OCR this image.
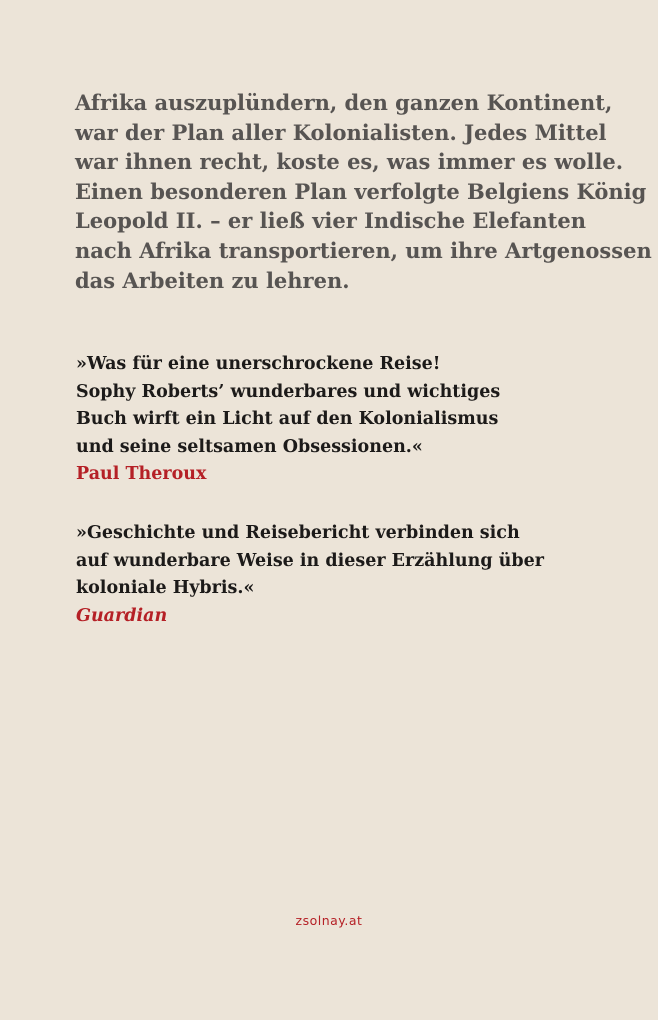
Afrika auszuplündern, den ganzen Kontinent,
war der Plan aller Kolonialisten. Jedes Mittel
war ihnen recht, koste es, was immer es wolle.
Einen besonderen Plan verfolgte Belgiens König
Leopold II. – er ließ vier Indische Elefanten
nach Afrika transportieren, um ihre Artgenossen
das Arbeiten zu lehren.

»Was für eine unerschrockene Reise!
Sophy Roberts’ wunderbares und wichtiges
Buch wirft ein Licht auf den Kolonialismus
und seine seltsamen Obsessionen.«
Paul Theroux
»Geschichte und Reisebericht verbinden sich
auf wunderbare Weise in dieser Erzählung über
koloniale Hybris.«
Guardian
zsolnay.at
